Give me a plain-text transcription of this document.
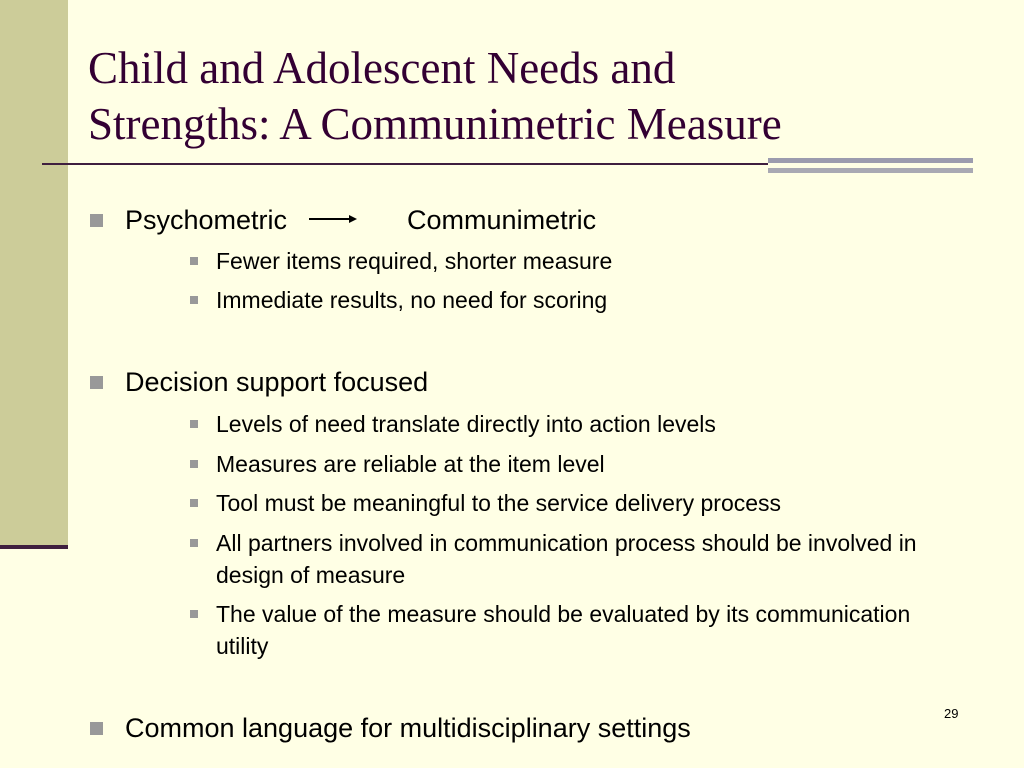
Child and Adolescent Needs and
Strengths: A Communimetric Measure
Psychometric	Communimetric
Fewer items required, shorter measure
Immediate results, no need for scoring
Decision support focused
Levels of need translate directly into action levels
Measures are reliable at the item level
Tool must be meaningful to the service delivery process
All partners involved in communication process should be involved in design of measure
The value of the measure should be evaluated by its communication utility
Common language for multidisciplinary settings	29
